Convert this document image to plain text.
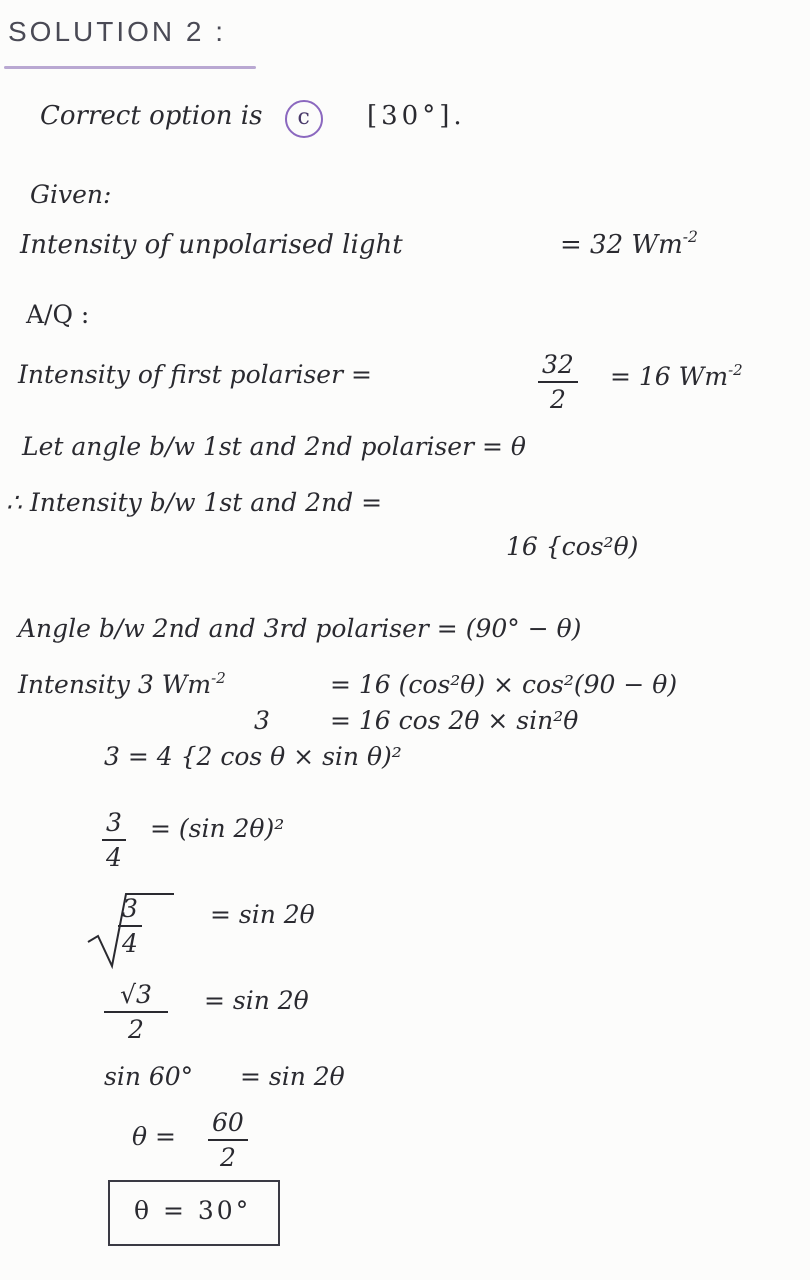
SOLUTION 2 :
Correct option is c [30°].
Given:
Intensity of unpolarised light	= 32 $Wm^{-2}$
A/Q :
Intensity of first polariser =	$\frac{32}{2} = 16$ $Wm^{-2}$
Let angle b/w 1st and 2nd polariser = θ
∴ Intensity b/w 1st and 2nd =
16 {cos²θ)
Angle b/w 2nd and 3rd polariser = (90° − θ)
Intensity 3 $Wm^{-2}$	= 16 (cos²θ) × cos²(90 − θ)
3 = 16 cos 2θ × sin²θ
3 = 4 {2 cos θ × sin θ)²
$\frac{3}{4} = (\sin$ 2θ)²
$\frac{3}{4}$	= sin 2θ
$\frac{√3}{2} = \sin 2\theta$
sin 60° = sin 2θ
$\theta = \frac{60}{2}$
θ = 30°
